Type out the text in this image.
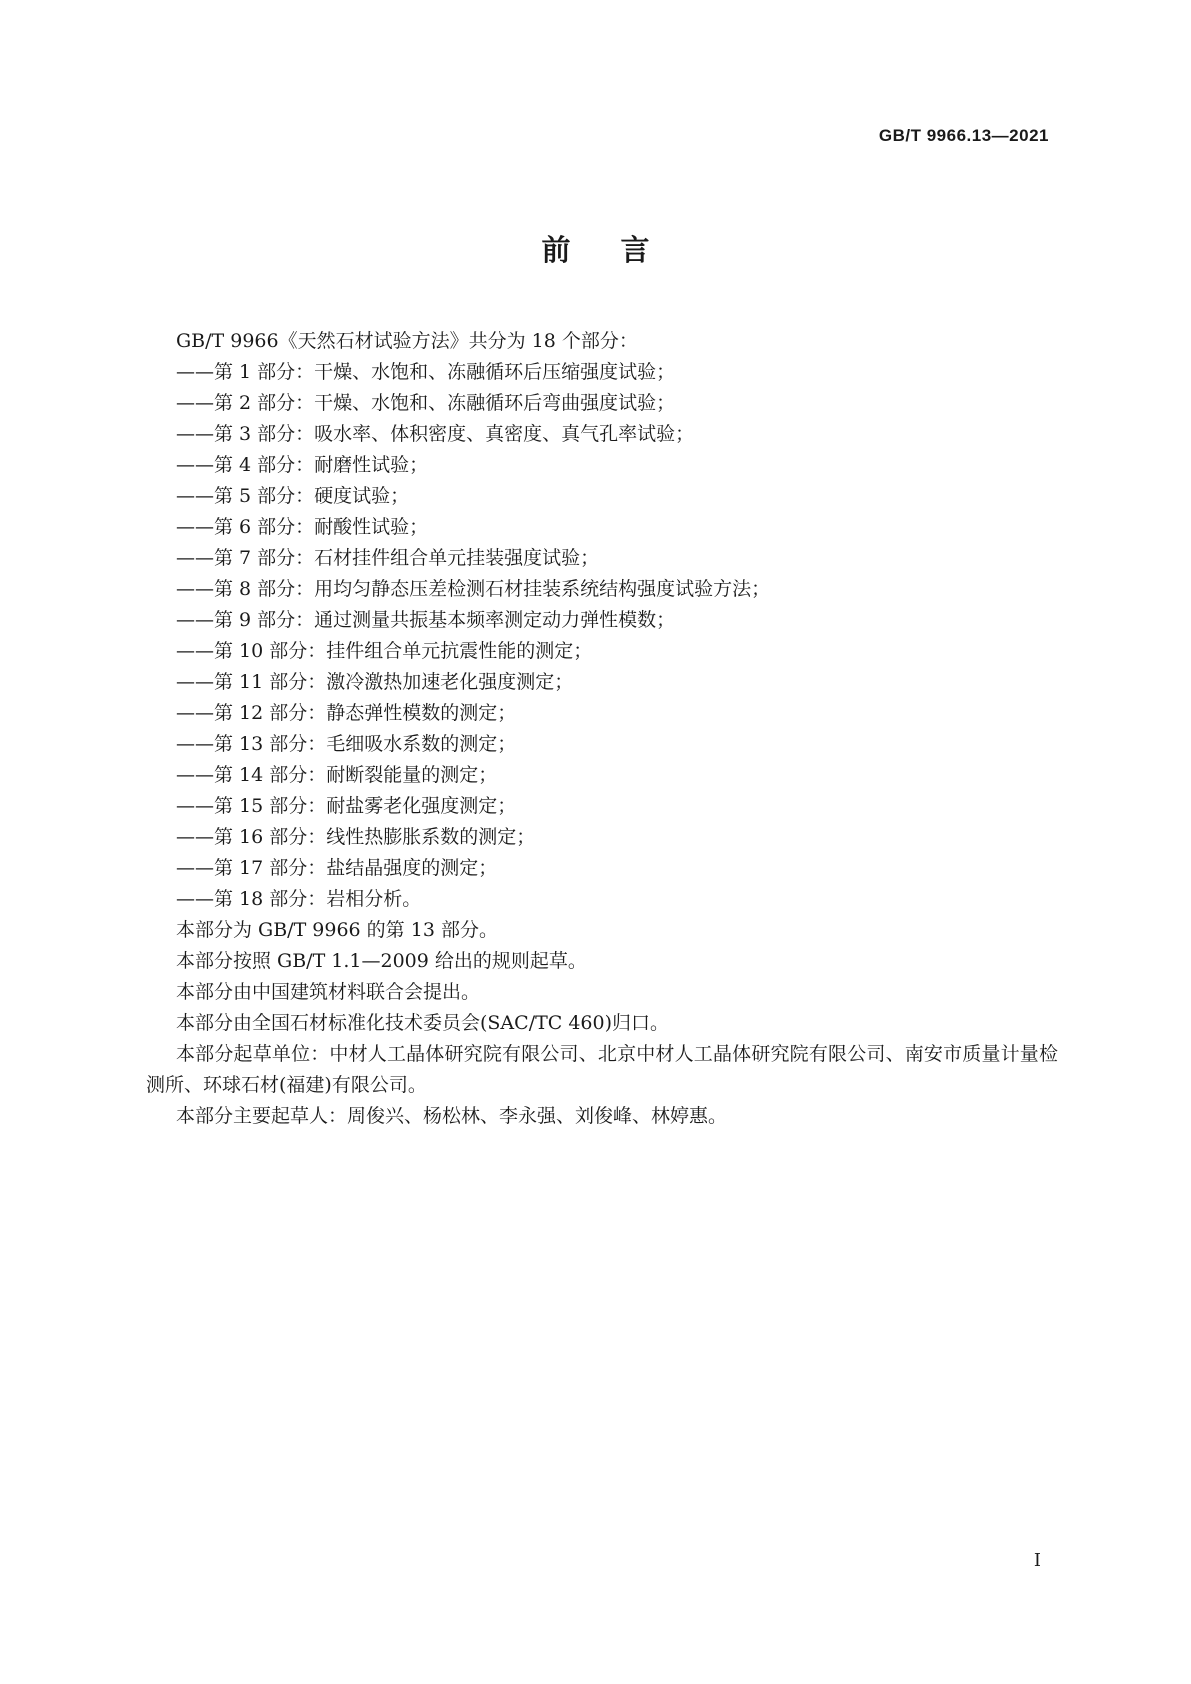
GB/T 9966.13—2021
前言
GB/T 9966《天然石材试验方法》共分为 18 个部分：
——第 1 部分：干燥、水饱和、冻融循环后压缩强度试验；
——第 2 部分：干燥、水饱和、冻融循环后弯曲强度试验；
——第 3 部分：吸水率、体积密度、真密度、真气孔率试验；
——第 4 部分：耐磨性试验；
——第 5 部分：硬度试验；
——第 6 部分：耐酸性试验；
——第 7 部分：石材挂件组合单元挂装强度试验；
——第 8 部分：用均匀静态压差检测石材挂装系统结构强度试验方法；
——第 9 部分：通过测量共振基本频率测定动力弹性模数；
——第 10 部分：挂件组合单元抗震性能的测定；
——第 11 部分：激冷激热加速老化强度测定；
——第 12 部分：静态弹性模数的测定；
——第 13 部分：毛细吸水系数的测定；
——第 14 部分：耐断裂能量的测定；
——第 15 部分：耐盐雾老化强度测定；
——第 16 部分：线性热膨胀系数的测定；
——第 17 部分：盐结晶强度的测定；
——第 18 部分：岩相分析。
本部分为 GB/T 9966 的第 13 部分。
本部分按照 GB/T 1.1—2009 给出的规则起草。
本部分由中国建筑材料联合会提出。
本部分由全国石材标准化技术委员会(SAC/TC 460)归口。
本部分起草单位：中材人工晶体研究院有限公司、北京中材人工晶体研究院有限公司、南安市质量计量检测所、环球石材(福建)有限公司。
本部分主要起草人：周俊兴、杨松林、李永强、刘俊峰、林婷惠。
I
